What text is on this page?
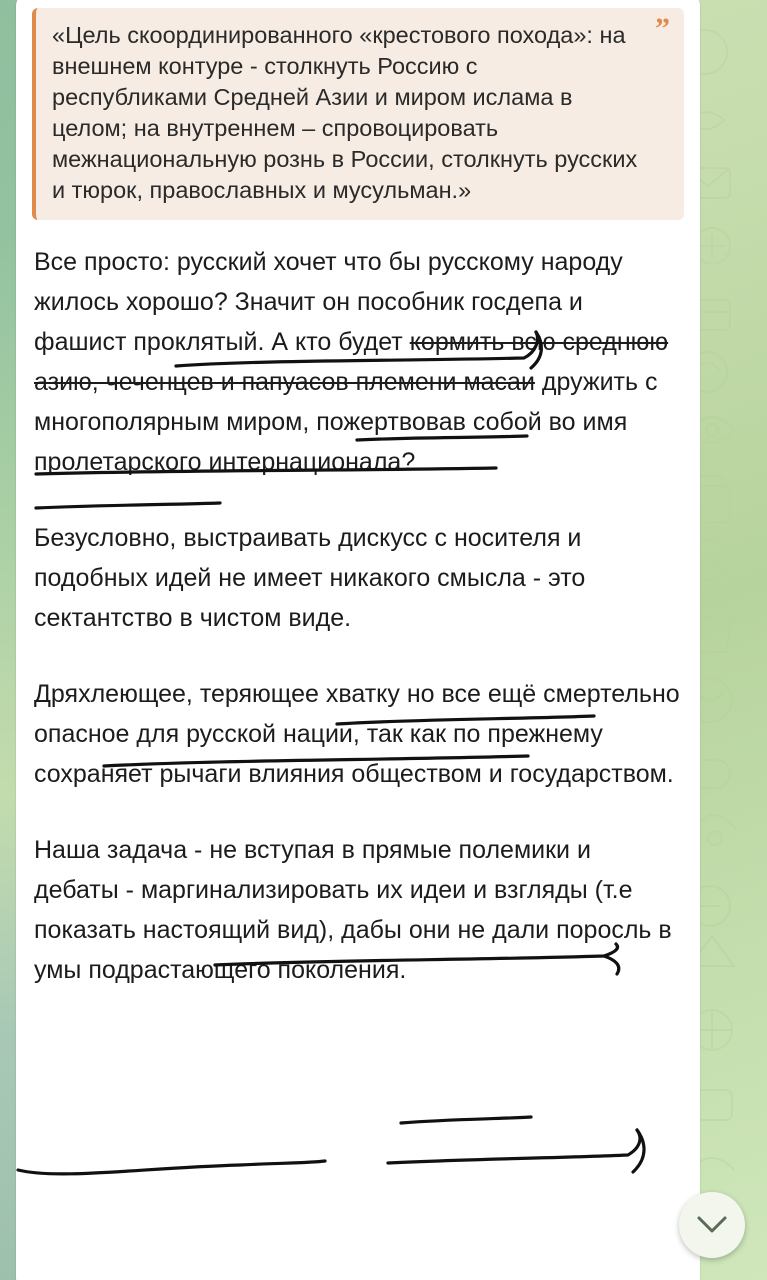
”

«Цель скоординированного «крестового похода»: на внешнем контуре - столкнуть Россию с республиками Средней Азии и миром ислама в целом; на внутреннем – спровоцировать межнациональную рознь в России, столкнуть русских и тюрок, православных и мусульман.»

Все просто: русский хочет что бы русскому народу жилось хорошо? Значит он пособник госдепа и фашист проклятый. А кто будет кормить всю среднюю азию, чеченцев и папуасов племени масаи дружить с многополярным миром, пожертвовав собой во имя пролетарского интернационала?
Безусловно, выстраивать дискусс с носителя и подобных идей не имеет никакого смысла - это сектантство в чистом виде.
Дряхлеющее, теряющее хватку но все ещё смертельно опасное для русской нации, так как по прежнему сохраняет рычаги влияния обществом и государством.
Наша задача - не вступая в прямые полемики и дебаты - маргинализировать их идеи и взгляды (т.е показать настоящий вид), дабы они не дали поросль в умы подрастающего поколения.
